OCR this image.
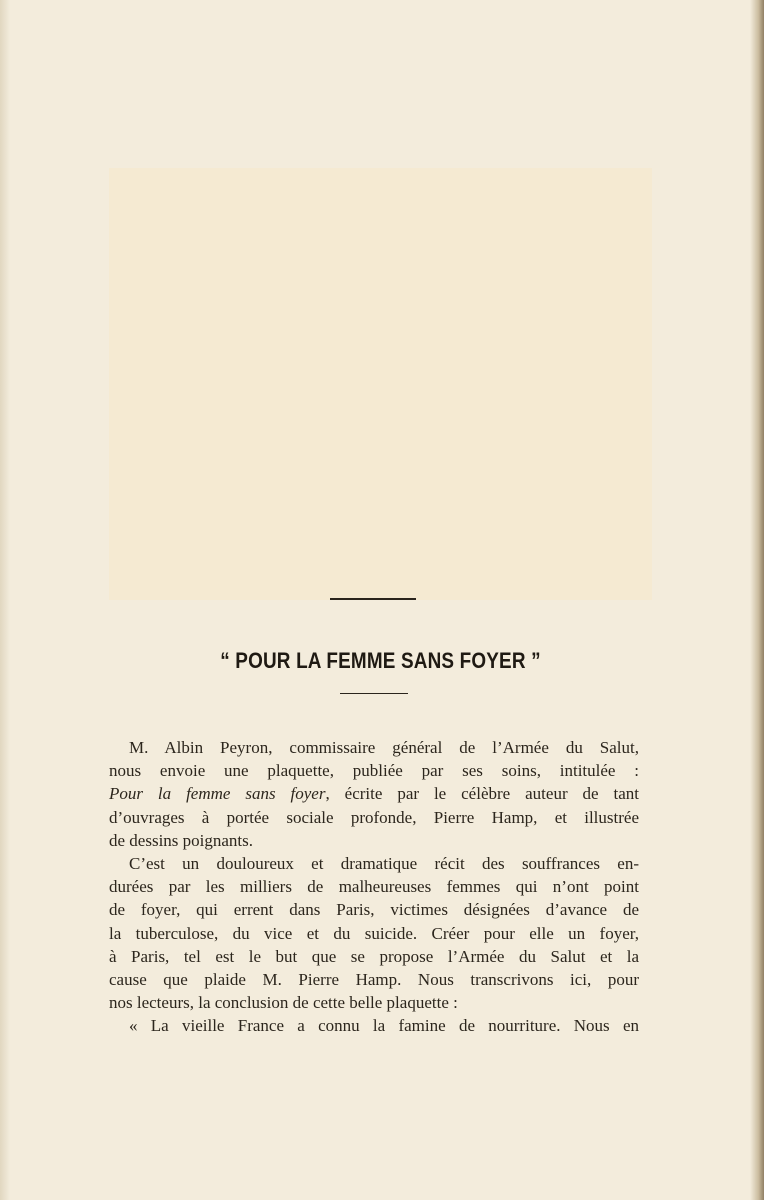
“ POUR LA FEMME SANS FOYER ”
M. Albin Peyron, commissaire général de l’Armée du Salut,
nous envoie une plaquette, publiée par ses soins, intitulée :
Pour la femme sans foyer, écrite par le célèbre auteur de tant
d’ouvrages à portée sociale profonde, Pierre Hamp, et illustrée
de dessins poignants.
C’est un douloureux et dramatique récit des souffrances en-
durées par les milliers de malheureuses femmes qui n’ont point
de foyer, qui errent dans Paris, victimes désignées d’avance de
la tuberculose, du vice et du suicide. Créer pour elle un foyer,
à Paris, tel est le but que se propose l’Armée du Salut et la
cause que plaide M. Pierre Hamp. Nous transcrivons ici, pour
nos lecteurs, la conclusion de cette belle plaquette :
« La vieille France a connu la famine de nourriture. Nous en
